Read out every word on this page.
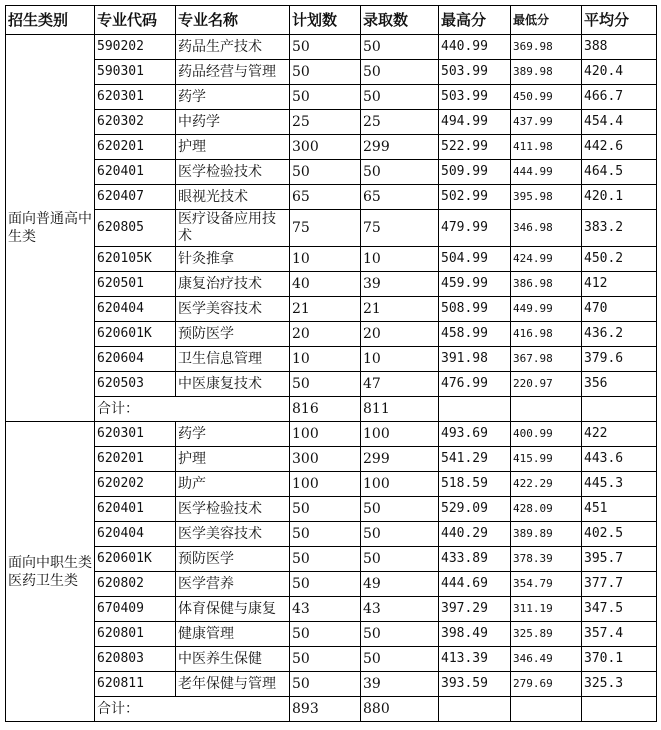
招生类别	专业代码	专业名称	计划数	录取数	最高分	最低分	平均分
面向普通高中生类	590202	药品生产技术	50	50	440.99	369.98	388
	590301	药品经营与管理	50	50	503.99	389.98	420.4
	620301	药学	50	50	503.99	450.99	466.7
	620302	中药学	25	25	494.99	437.99	454.4
	620201	护理	300	299	522.99	411.98	442.6
	620401	医学检验技术	50	50	509.99	444.99	464.5
	620407	眼视光技术	65	65	502.99	395.98	420.1
	620805	医疗设备应用技术	75	75	479.99	346.98	383.2
	620105K	针灸推拿	10	10	504.99	424.99	450.2
	620501	康复治疗技术	40	39	459.99	386.98	412
	620404	医学美容技术	21	21	508.99	449.99	470
	620601K	预防医学	20	20	458.99	416.98	436.2
	620604	卫生信息管理	10	10	391.98	367.98	379.6
	620503	中医康复技术	50	47	476.99	220.97	356
	合计：		816	811			
面向中职生类医药卫生类	620301	药学	100	100	493.69	400.99	422
	620201	护理	300	299	541.29	415.99	443.6
	620202	助产	100	100	518.59	422.29	445.3
	620401	医学检验技术	50	50	529.09	428.09	451
	620404	医学美容技术	50	50	440.29	389.89	402.5
	620601K	预防医学	50	50	433.89	378.39	395.7
	620802	医学营养	50	49	444.69	354.79	377.7
	670409	体育保健与康复	43	43	397.29	311.19	347.5
	620801	健康管理	50	50	398.49	325.89	357.4
	620803	中医养生保健	50	50	413.39	346.49	370.1
	620811	老年保健与管理	50	39	393.59	279.69	325.3
	合计：		893	880			
